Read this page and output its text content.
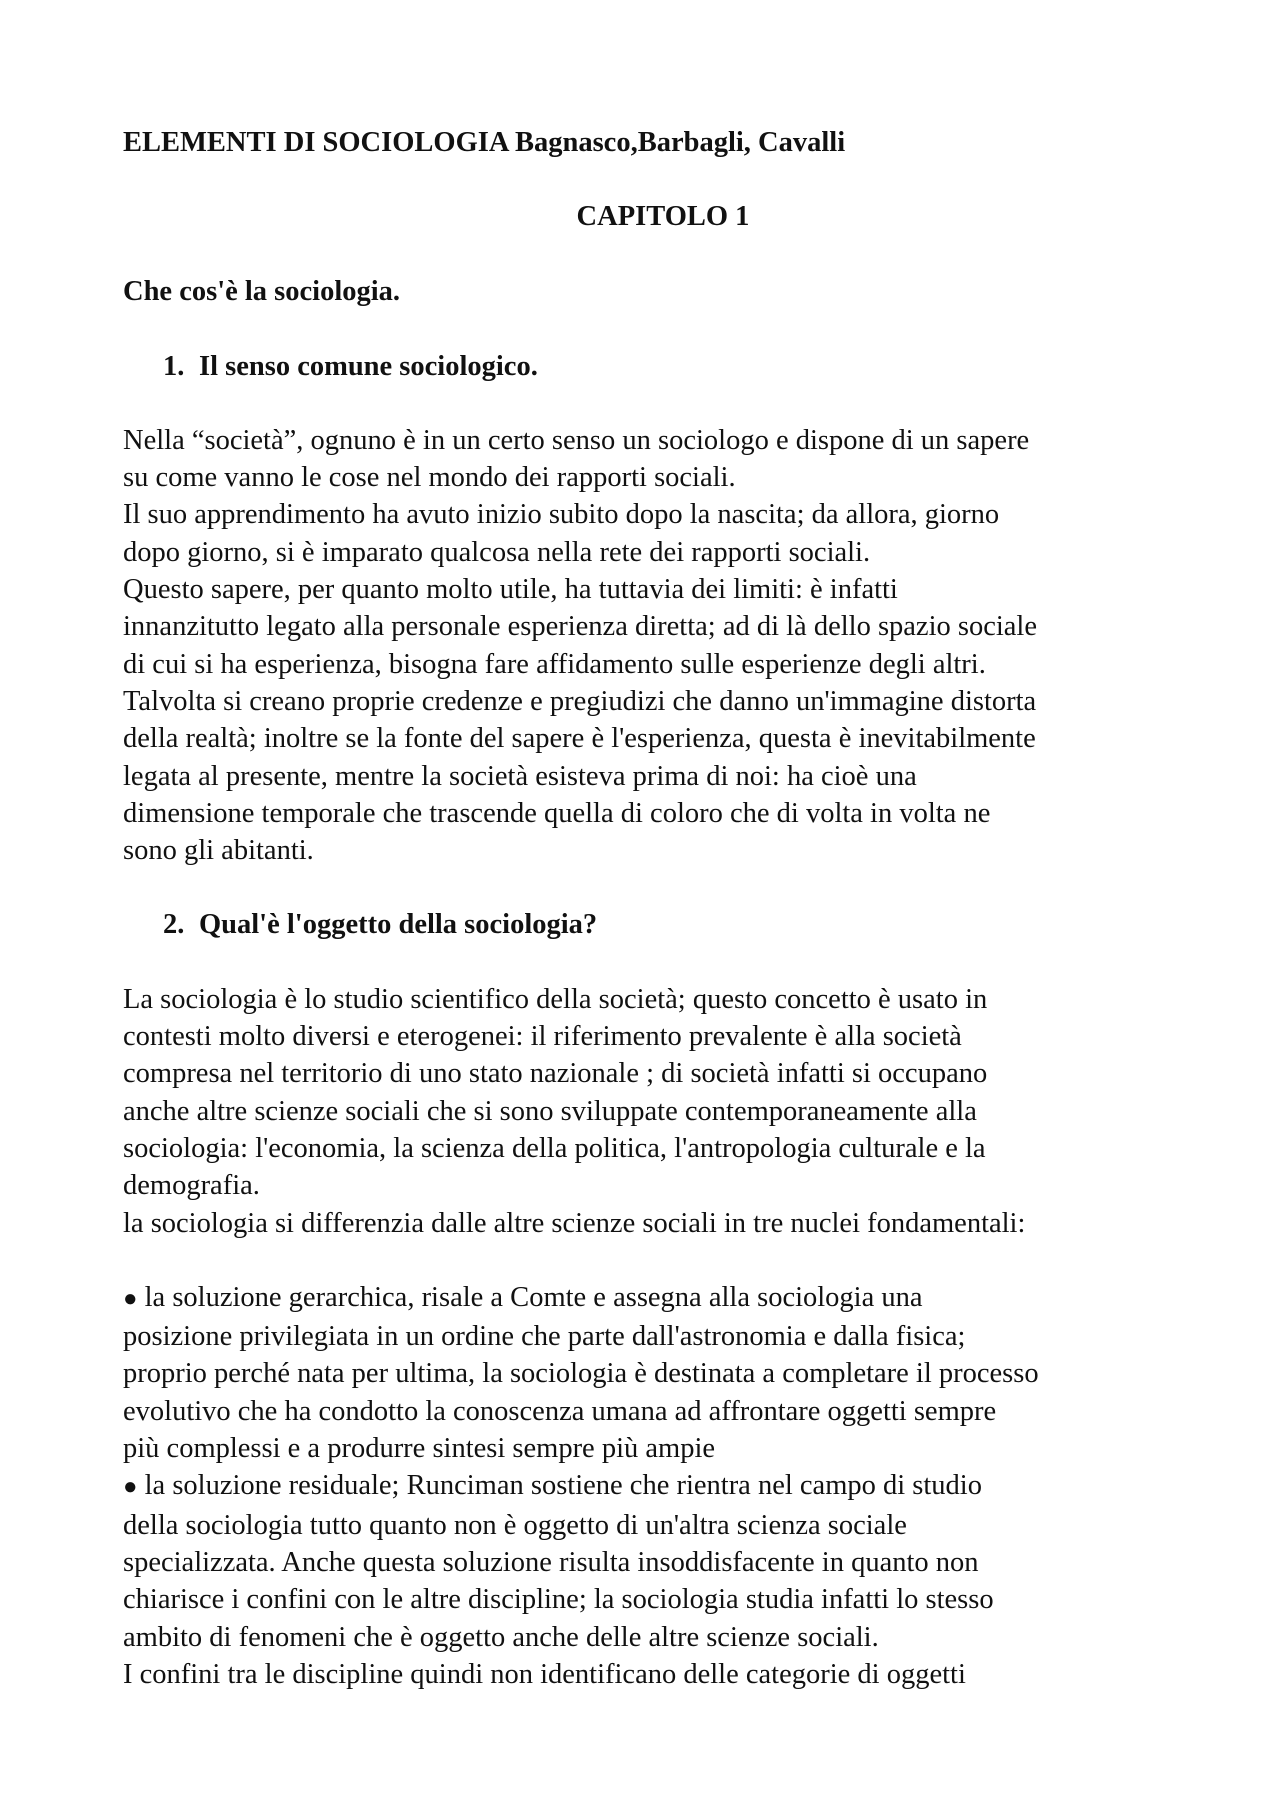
ELEMENTI DI SOCIOLOGIA Bagnasco,Barbagli, Cavalli
CAPITOLO 1
Che cos'è la sociologia.
1. Il senso comune sociologico.

Nella “società”, ognuno è in un certo senso un sociologo e dispone di un sapere

su come vanno le cose nel mondo dei rapporti sociali.

Il suo apprendimento ha avuto inizio subito dopo la nascita; da allora, giorno

dopo giorno, si è imparato qualcosa nella rete dei rapporti sociali.

Questo sapere, per quanto molto utile, ha tuttavia dei limiti: è infatti

innanzitutto legato alla personale esperienza diretta; ad di là dello spazio sociale

di cui si ha esperienza, bisogna fare affidamento sulle esperienze degli altri.

Talvolta si creano proprie credenze e pregiudizi che danno un'immagine distorta

della realtà; inoltre se la fonte del sapere è l'esperienza, questa è inevitabilmente

legata al presente, mentre la società esisteva prima di noi: ha cioè una

dimensione temporale che trascende quella di coloro che di volta in volta ne

sono gli abitanti.

2. Qual'è l'oggetto della sociologia?

La sociologia è lo studio scientifico della società; questo concetto è usato in

contesti molto diversi e eterogenei: il riferimento prevalente è alla società

compresa nel territorio di uno stato nazionale ; di società infatti si occupano

anche altre scienze sociali che si sono sviluppate contemporaneamente alla

sociologia: l'economia, la scienza della politica, l'antropologia culturale e la

demografia.

la sociologia si differenzia dalle altre scienze sociali in tre nuclei fondamentali:

● la soluzione gerarchica, risale a Comte e assegna alla sociologia una

posizione privilegiata in un ordine che parte dall'astronomia e dalla fisica;

proprio perché nata per ultima, la sociologia è destinata a completare il processo

evolutivo che ha condotto la conoscenza umana ad affrontare oggetti sempre

più complessi e a produrre sintesi sempre più ampie

● la soluzione residuale; Runciman sostiene che rientra nel campo di studio

della sociologia tutto quanto non è oggetto di un'altra scienza sociale

specializzata. Anche questa soluzione risulta insoddisfacente in quanto non

chiarisce i confini con le altre discipline; la sociologia studia infatti lo stesso

ambito di fenomeni che è oggetto anche delle altre scienze sociali.

I confini tra le discipline quindi non identificano delle categorie di oggetti
